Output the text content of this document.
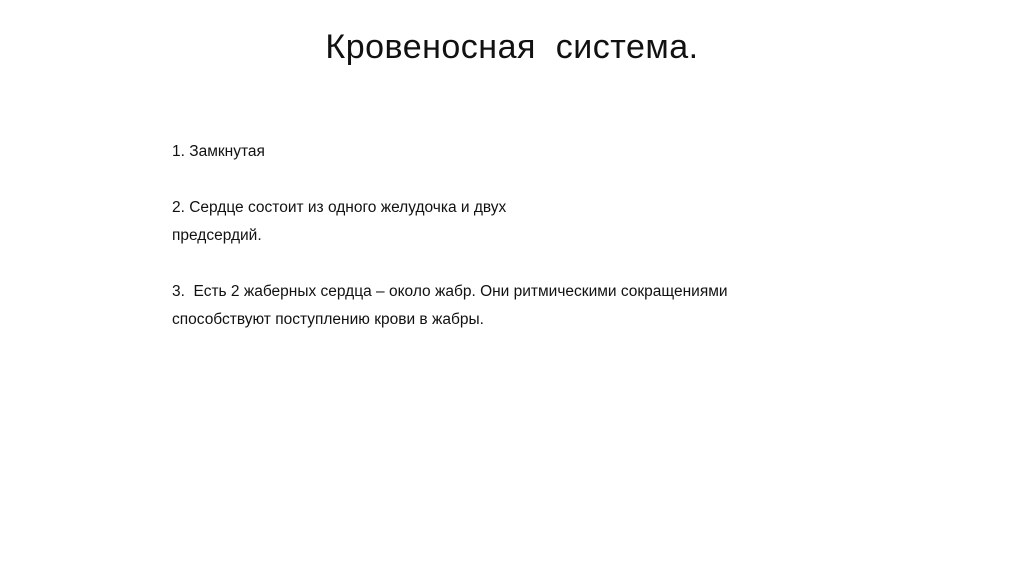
Кровеносная  система.
1. Замкнутая
2. Сердце состоит из одного желудочка и двух
предсердий.
3.  Есть 2 жаберных сердца – около жабр. Они ритмическими сокращениями
способствуют поступлению крови в жабры.
